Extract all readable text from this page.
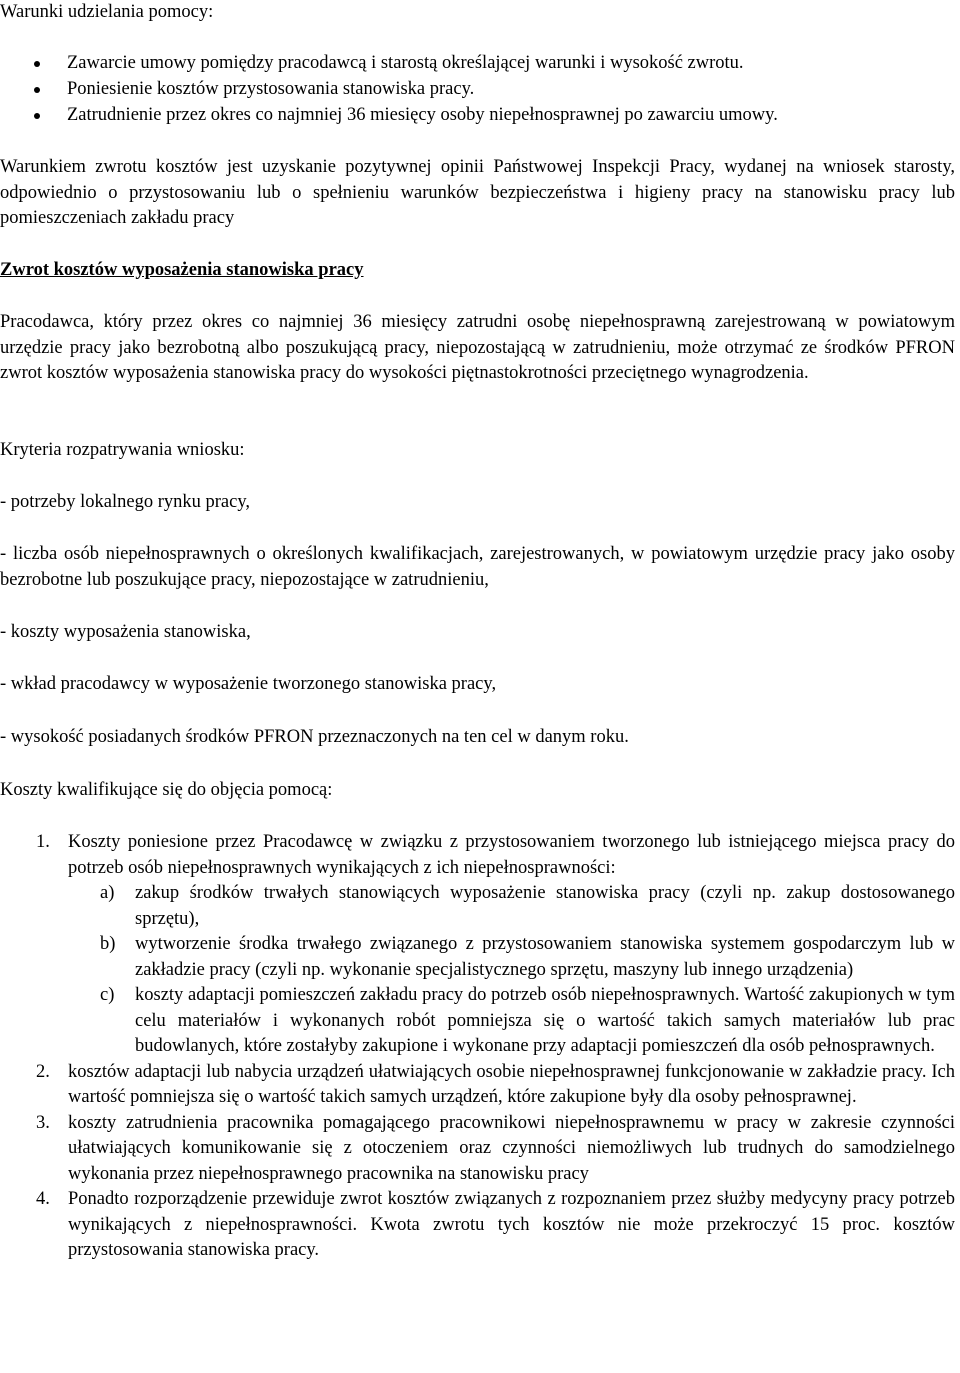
Warunki udzielania pomocy:

Zawarcie umowy pomiędzy pracodawcą i starostą określającej warunki i wysokość zwrotu.
Poniesienie kosztów przystosowania stanowiska pracy.
Zatrudnienie przez okres co najmniej 36 miesięcy osoby niepełnosprawnej po zawarciu umowy.

Warunkiem zwrotu kosztów jest uzyskanie pozytywnej opinii Państwowej Inspekcji Pracy, wydanej na wniosek starosty, odpowiednio o przystosowaniu lub o spełnieniu warunków bezpieczeństwa i higieny pracy na stanowisku pracy lub pomieszczeniach zakładu pracy

Zwrot kosztów wyposażenia stanowiska pracy

Pracodawca, który przez okres co najmniej 36 miesięcy zatrudni osobę niepełnosprawną zarejestrowaną w powiatowym urzędzie pracy jako bezrobotną albo poszukującą pracy, niepozostającą w zatrudnieniu, może otrzymać ze środków PFRON zwrot kosztów wyposażenia stanowiska pracy do wysokości piętnastokrotności przeciętnego wynagrodzenia.

Kryteria rozpatrywania wniosku:

- potrzeby lokalnego rynku pracy,

- liczba osób niepełnosprawnych o określonych kwalifikacjach, zarejestrowanych, w powiatowym urzędzie pracy jako osoby bezrobotne lub poszukujące pracy, niepozostające w zatrudnieniu,

- koszty wyposażenia stanowiska,

- wkład pracodawcy w wyposażenie tworzonego stanowiska pracy,

- wysokość posiadanych środków PFRON przeznaczonych na ten cel w danym roku.

Koszty kwalifikujące się do objęcia pomocą:

1. Koszty poniesione przez Pracodawcę w związku z przystosowaniem tworzonego lub istniejącego miejsca pracy do potrzeb osób niepełnosprawnych wynikających z ich niepełnosprawności:

a) zakup środków trwałych stanowiących wyposażenie stanowiska pracy (czyli np. zakup dostosowanego sprzętu),
b) wytworzenie środka trwałego związanego z przystosowaniem stanowiska systemem gospodarczym lub w zakładzie pracy (czyli np. wykonanie specjalistycznego sprzętu, maszyny lub innego urządzenia)
c) koszty adaptacji pomieszczeń zakładu pracy do potrzeb osób niepełnosprawnych. Wartość zakupionych w tym celu materiałów i wykonanych robót pomniejsza się o wartość takich samych materiałów lub prac budowlanych, które zostałyby zakupione i wykonane przy adaptacji pomieszczeń dla osób pełnosprawnych.
2. kosztów adaptacji lub nabycia urządzeń ułatwiających osobie niepełnosprawnej funkcjonowanie w zakładzie pracy. Ich wartość pomniejsza się o wartość takich samych urządzeń, które zakupione były dla osoby pełnosprawnej.

3. koszty zatrudnienia pracownika pomagającego pracownikowi niepełnosprawnemu w pracy w zakresie czynności ułatwiających komunikowanie się z otoczeniem oraz czynności niemożliwych lub trudnych do samodzielnego wykonania przez niepełnosprawnego pracownika na stanowisku pracy

4. Ponadto rozporządzenie przewiduje zwrot kosztów związanych z rozpoznaniem przez służby medycyny pracy potrzeb wynikających z niepełnosprawności. Kwota zwrotu tych kosztów nie może przekroczyć 15 proc. kosztów przystosowania stanowiska pracy.
